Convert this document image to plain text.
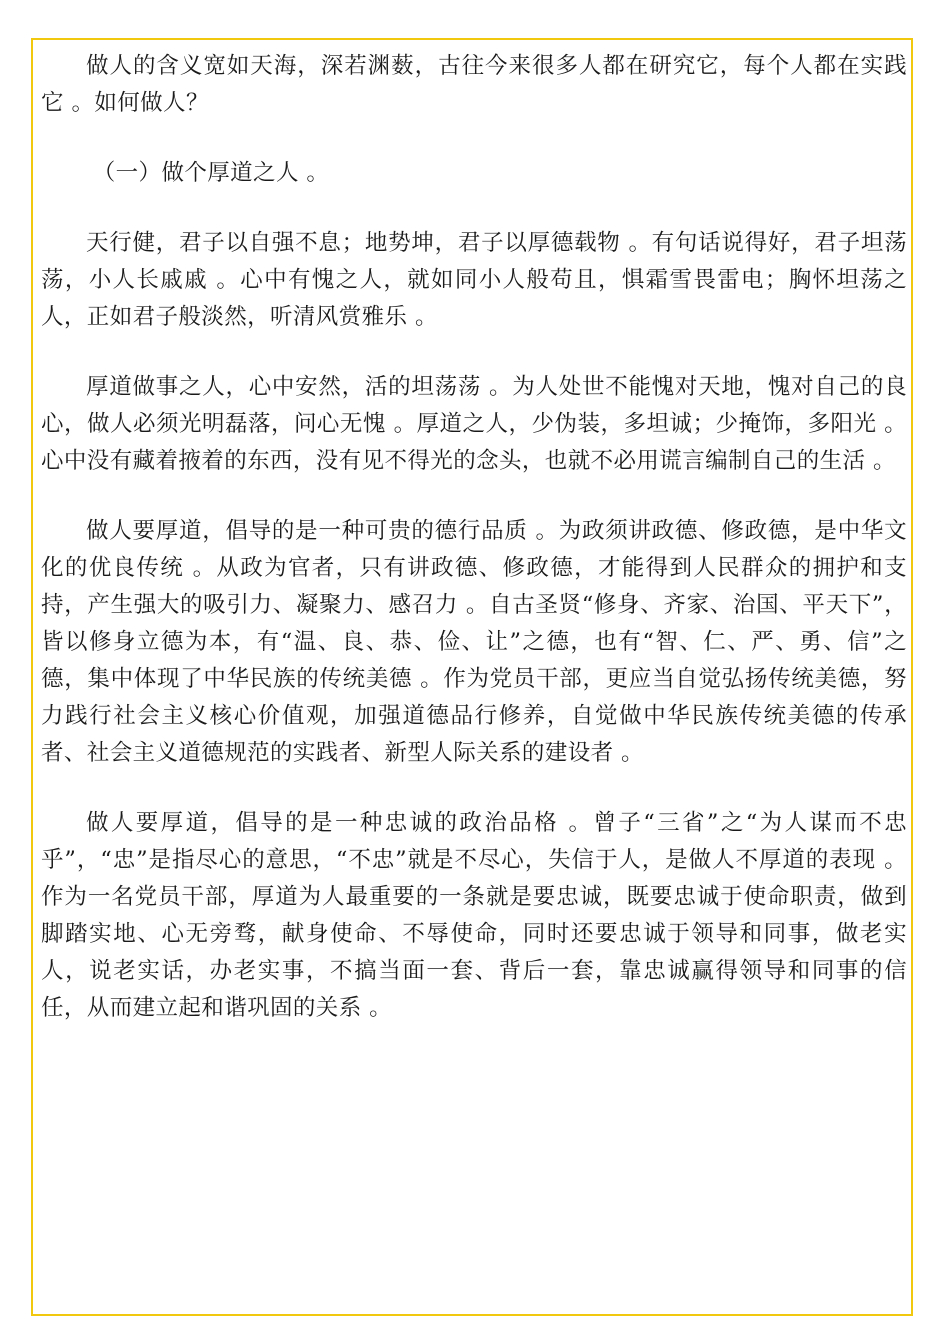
做人的含义宽如天海，深若渊薮，古往今来很多人都在研究它，每个人都在实践它 。如何做人？

（一）做个厚道之人 。

天行健，君子以自强不息；地势坤，君子以厚德载物 。有句话说得好，君子坦荡荡，小人长戚戚 。心中有愧之人，就如同小人般苟且，惧霜雪畏雷电；胸怀坦荡之人，正如君子般淡然，听清风赏雅乐 。

厚道做事之人，心中安然，活的坦荡荡 。为人处世不能愧对天地，愧对自己的良心，做人必须光明磊落，问心无愧 。厚道之人，少伪装，多坦诚；少掩饰，多阳光 。心中没有藏着掖着的东西，没有见不得光的念头，也就不必用谎言编制自己的生活 。

做人要厚道，倡导的是一种可贵的德行品质 。为政须讲政德、修政德，是中华文化的优良传统 。从政为官者，只有讲政德、修政德，才能得到人民群众的拥护和支持，产生强大的吸引力、凝聚力、感召力 。自古圣贤“修身、齐家、治国、平天下”，皆以修身立德为本，有“温、良、恭、俭、让”之德，也有“智、仁、严、勇、信”之德，集中体现了中华民族的传统美德 。作为党员干部，更应当自觉弘扬传统美德，努力践行社会主义核心价值观，加强道德品行修养，自觉做中华民族传统美德的传承者、社会主义道德规范的实践者、新型人际关系的建设者 。

做人要厚道，倡导的是一种忠诚的政治品格 。曾子“三省”之“为人谋而不忠乎”，“忠”是指尽心的意思，“不忠”就是不尽心，失信于人，是做人不厚道的表现 。作为一名党员干部，厚道为人最重要的一条就是要忠诚，既要忠诚于使命职责，做到脚踏实地、心无旁骛，献身使命、不辱使命，同时还要忠诚于领导和同事，做老实人，说老实话，办老实事，不搞当面一套、背后一套，靠忠诚赢得领导和同事的信任，从而建立起和谐巩固的关系 。
